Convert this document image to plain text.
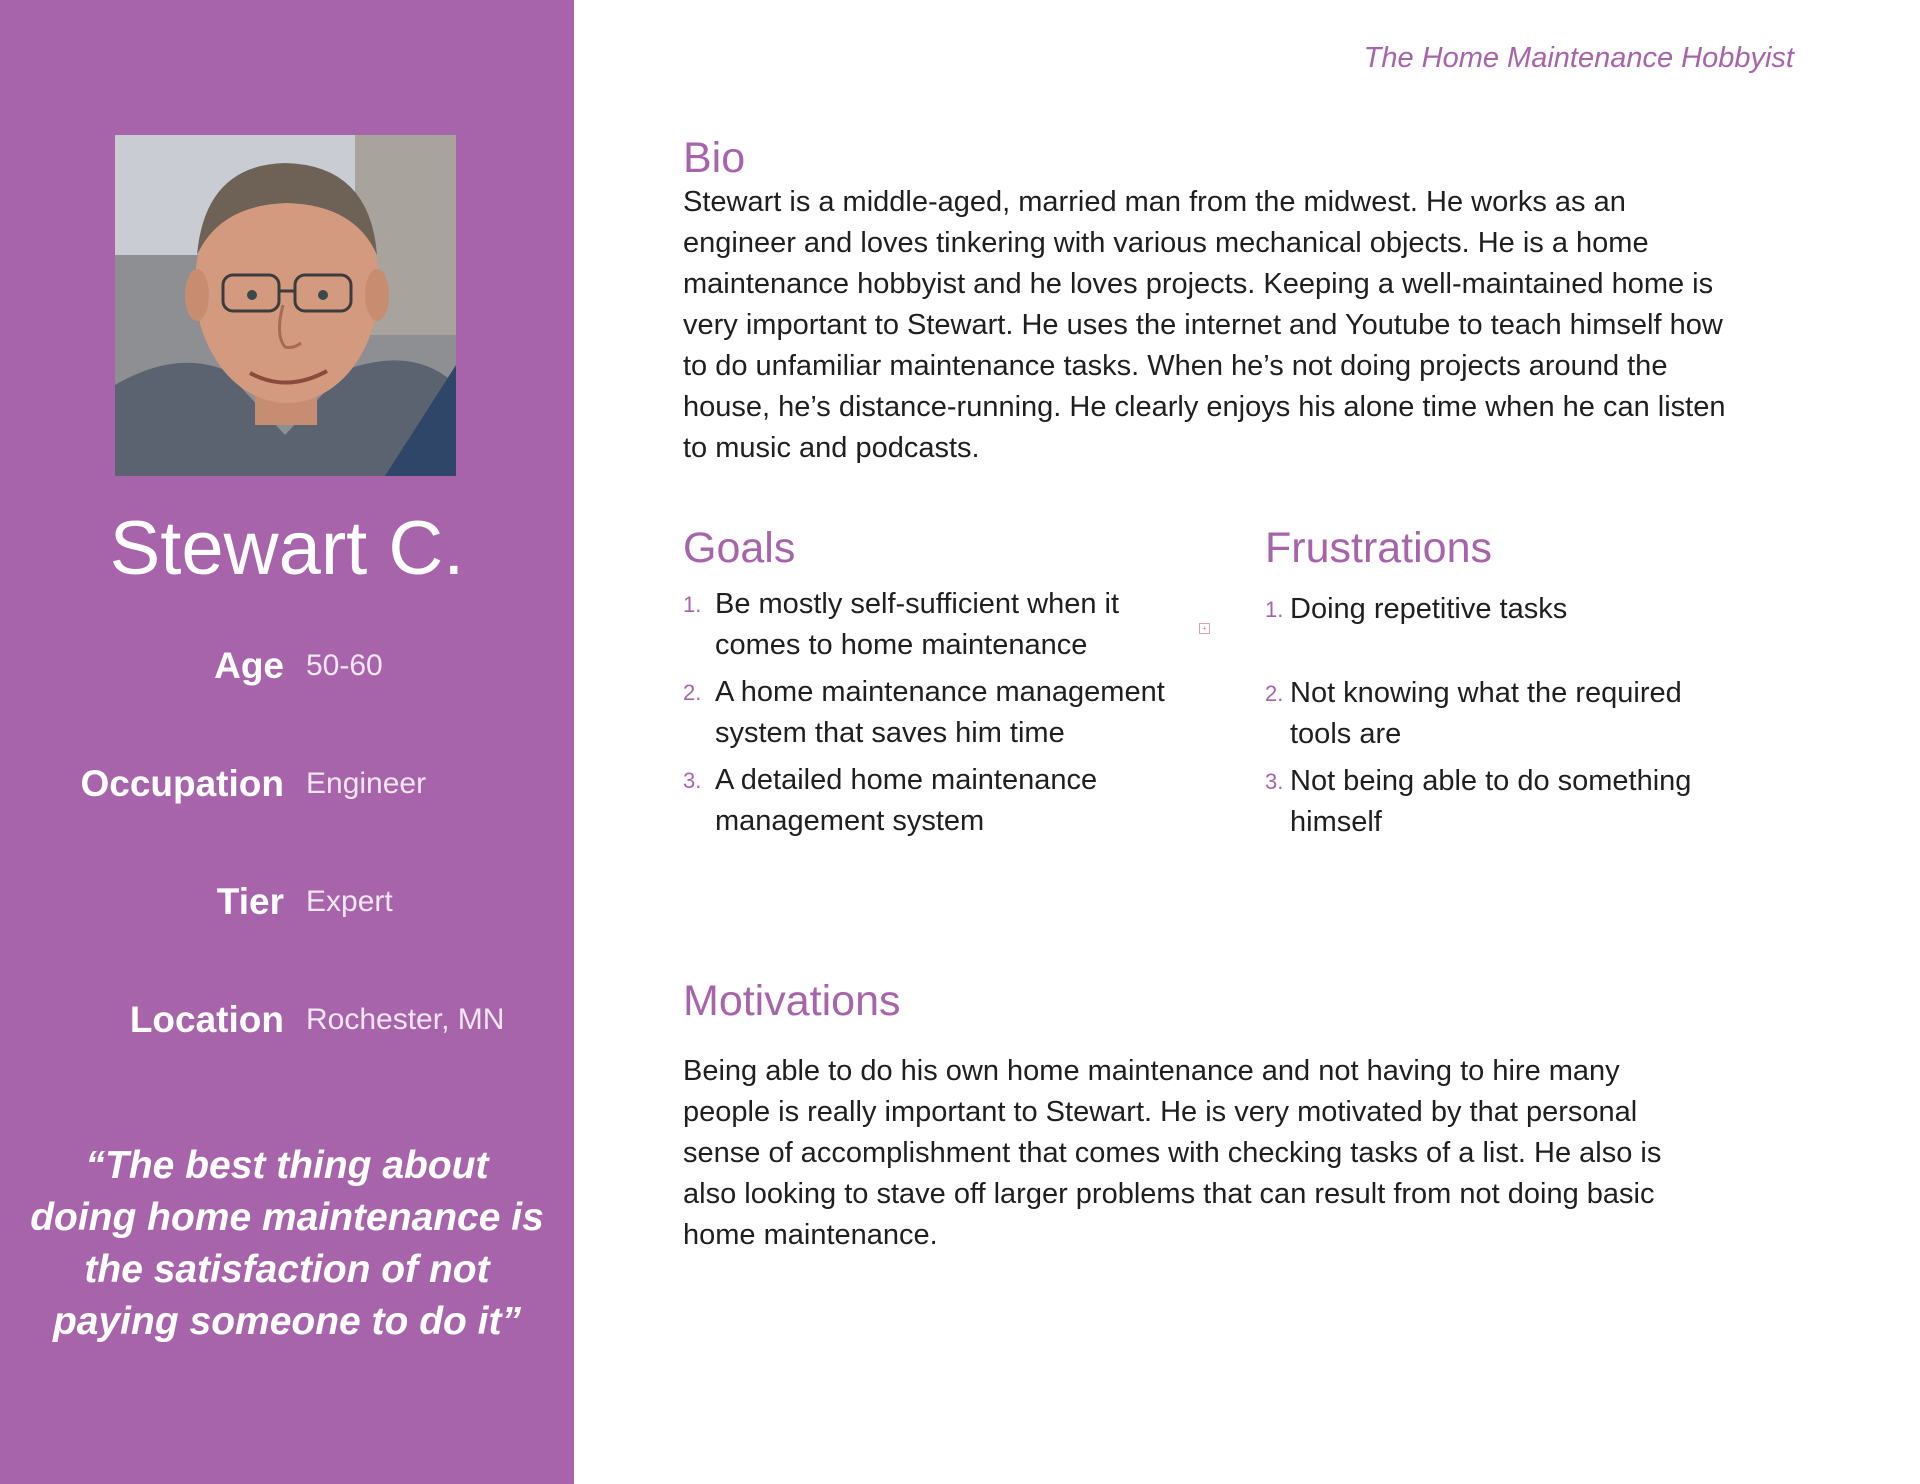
Stewart C.
Age 50-60
Occupation Engineer
Tier Expert
Location Rochester, MN
“The best thing about doing home maintenance is the satisfaction of not paying someone to do it”
The Home Maintenance Hobbyist
Bio

Stewart is a middle-aged, married man from the midwest. He works as an engineer and loves tinkering with various mechanical objects. He is a home maintenance hobbyist and he loves projects. Keeping a well-maintained home is very important to Stewart. He uses the internet and Youtube to teach himself how to do unfamiliar maintenance tasks. When he’s not doing projects around the house, he’s distance-running. He clearly enjoys his alone time when he can listen to music and podcasts.

Goals
1. Be mostly self-sufficient when it comes to home maintenance
2. A home maintenance management system that saves him time
3. A detailed home maintenance management system
+
Frustrations
1. Doing repetitive tasks
2. Not knowing what the required tools are
3. Not being able to do something himself
Motivations

Being able to do his own home maintenance and not having to hire many people is really important to Stewart. He is very motivated by that personal sense of accomplishment that comes with checking tasks of a list. He also is also looking to stave off larger problems that can result from not doing basic home maintenance.
